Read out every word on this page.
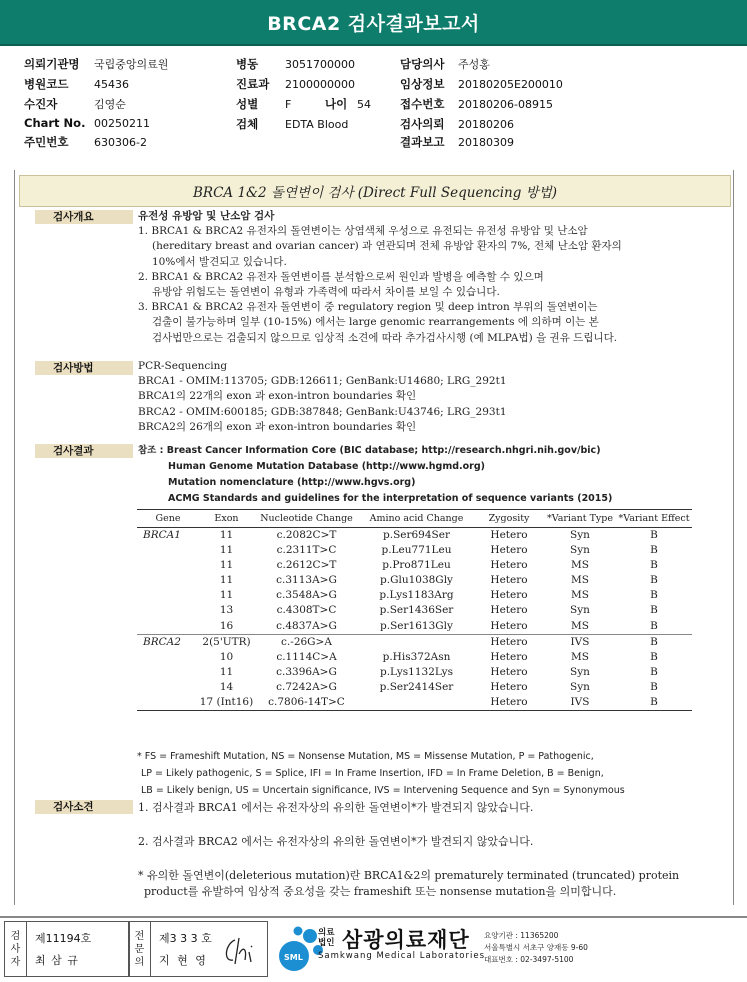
BRCA2 검사결과보고서
의뢰기관명 국립중앙의료원
병원코드 45436
수진자	김영순
Chart No. 00250211
주민번호 630306-2
병동 3051700000
진료과 2100000000
성별 F	나이 54
검체 EDTA Blood
담당의사 주성홍
임상정보 20180205E200010
접수번호 20180206-08915
검사의뢰 20180206
결과보고 20180309
BRCA 1&2 돌연변이 검사 (Direct Full Sequencing 방법)
검사개요	유전성 유방암 및 난소암 검사
1. BRCA1 & BRCA2 유전자의 돌연변이는 상염색체 우성으로 유전되는 유전성 유방암 및 난소암
(hereditary breast and ovarian cancer) 과 연관되며 전체 유방암 환자의 7%, 전체 난소암 환자의
10%에서 발견되고 있습니다.
2. BRCA1 & BRCA2 유전자 돌연변이를 분석함으로써 원인과 발병을 예측할 수 있으며
유방암 위험도는 돌연변이 유형과 가족력에 따라서 차이를 보일 수 있습니다.
3. BRCA1 & BRCA2 유전자 돌연변이 중 regulatory region 및 deep intron 부위의 돌연변이는
검출이 불가능하며 일부 (10-15%) 에서는 large genomic rearrangements 에 의하며 이는 본
검사법만으로는 검출되지 않으므로 임상적 소견에 따라 추가검사시행 (예 MLPA법) 을 권유 드립니다.
검사방법	PCR-Sequencing
BRCA1 - OMIM:113705; GDB:126611; GenBank:U14680; LRG_292t1
BRCA1의 22개의 exon 과 exon-intron boundaries 확인
BRCA2 - OMIM:600185; GDB:387848; GenBank:U43746; LRG_293t1
BRCA2의 26개의 exon 과 exon-intron boundaries 확인
검사결과	참조 : Breast Cancer Information Core (BIC database; http://research.nhgri.nih.gov/bic)
Human Genome Mutation Database (http://www.hgmd.org)
Mutation nomenclature (http://www.hgvs.org)
ACMG Standards and guidelines for the interpretation of sequence variants (2015)
Gene	Exon	Nucleotide Change	Amino acid Change	Zygosity	*Variant Type	*Variant Effect
BRCA1	11	c.2082C>T	p.Ser694Ser	Hetero	Syn	B
	11	c.2311T>C	p.Leu771Leu	Hetero	Syn	B
	11	c.2612C>T	p.Pro871Leu	Hetero	MS	B
	11	c.3113A>G	p.Glu1038Gly	Hetero	MS	B
	11	c.3548A>G	p.Lys1183Arg	Hetero	MS	B
	13	c.4308T>C	p.Ser1436Ser	Hetero	Syn	B
	16	c.4837A>G	p.Ser1613Gly	Hetero	MS	B
BRCA2	2(5'UTR)	c.-26G>A		Hetero	IVS	B
	10	c.1114C>A	p.His372Asn	Hetero	MS	B
	11	c.3396A>G	p.Lys1132Lys	Hetero	Syn	B
	14	c.7242A>G	p.Ser2414Ser	Hetero	Syn	B
	17 (Int16)	c.7806-14T>C		Hetero	IVS	B
* FS = Frameshift Mutation, NS = Nonsense Mutation, MS = Missense Mutation, P = Pathogenic,
LP = Likely pathogenic, S = Splice, IFI = In Frame Insertion, IFD = In Frame Deletion, B = Benign,
LB = Likely benign, US = Uncertain significance, IVS = Intervening Sequence and Syn = Synonymous
검사소견	1. 검사결과 BRCA1 에서는 유전자상의 유의한 돌연변이*가 발견되지 않았습니다.
2. 검사결과 BRCA2 에서는 유전자상의 유의한 돌연변이*가 발견되지 않았습니다.
* 유의한 돌연변이(deleterious mutation)란 BRCA1&2의 prematurely terminated (truncated) protein
product를 유발하여 임상적 중요성을 갖는 frameshift 또는 nonsense mutation을 의미합니다.
검
사
자
제11194호
최 삼 규
전
문
의
제3 3 3 호
지 현 영	SML
의료
법인 삼광의료재단
Samkwang Medical Laboratories
요양기관 : 11365200
서울특별시 서초구 양재동 9-60
대표번호 : 02-3497-5100
